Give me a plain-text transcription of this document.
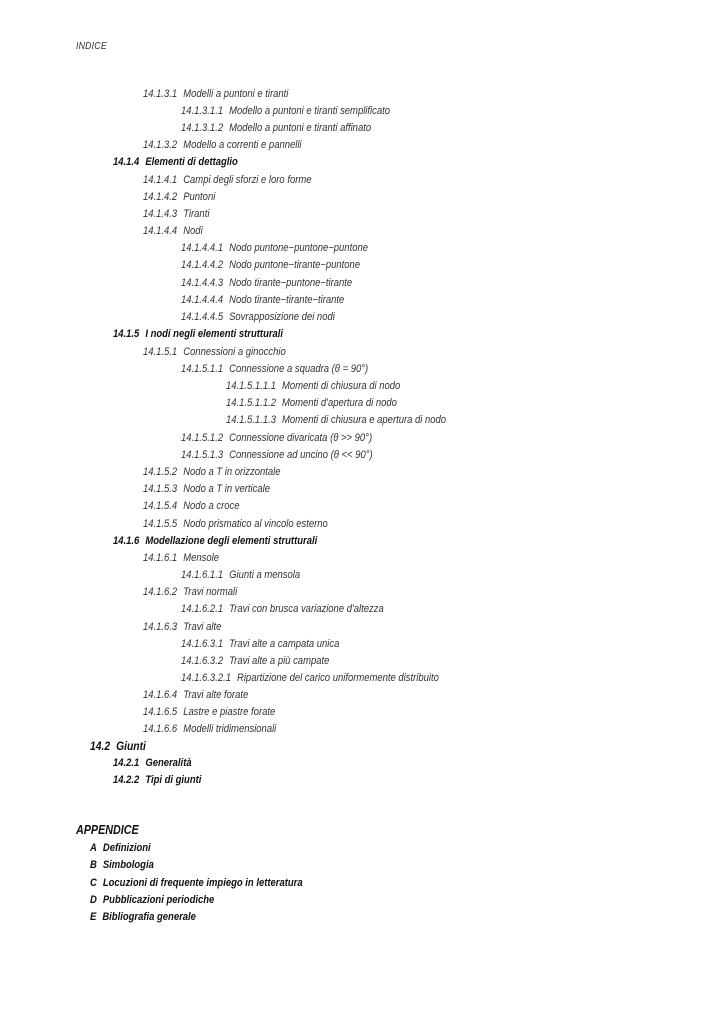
INDICE
14.1.3.1 Modelli a puntoni e tiranti
14.1.3.1.1 Modello a puntoni e tiranti semplificato
14.1.3.1.2 Modello a puntoni e tiranti affinato
14.1.3.2 Modello a correnti e pannelli
14.1.4 Elementi di dettaglio
14.1.4.1 Campi degli sforzi e loro forme
14.1.4.2 Puntoni
14.1.4.3 Tiranti
14.1.4.4 Nodi
14.1.4.4.1 Nodo puntone−puntone−puntone
14.1.4.4.2 Nodo puntone−tirante−puntone
14.1.4.4.3 Nodo tirante−puntone−tirante
14.1.4.4.4 Nodo tirante−tirante−tirante
14.1.4.4.5 Sovrapposizione dei nodi
14.1.5 I nodi negli elementi strutturali
14.1.5.1 Connessioni a ginocchio
14.1.5.1.1 Connessione a squadra (θ = 90°)
14.1.5.1.1.1 Momenti di chiusura di nodo
14.1.5.1.1.2 Momenti d'apertura di nodo
14.1.5.1.1.3 Momenti di chiusura e apertura di nodo
14.1.5.1.2 Connessione divaricata (θ >> 90°)
14.1.5.1.3 Connessione ad uncino (θ << 90°)
14.1.5.2 Nodo a T in orizzontale
14.1.5.3 Nodo a T in verticale
14.1.5.4 Nodo a croce
14.1.5.5 Nodo prismatico al vincolo esterno
14.1.6 Modellazione degli elementi strutturali
14.1.6.1 Mensole
14.1.6.1.1 Giunti a mensola
14.1.6.2 Travi normali
14.1.6.2.1 Travi con brusca variazione d'altezza
14.1.6.3 Travi alte
14.1.6.3.1 Travi alte a campata unica
14.1.6.3.2 Travi alte a più campate
14.1.6.3.2.1 Ripartizione del carico uniformemente distribuito
14.1.6.4 Travi alte forate
14.1.6.5 Lastre e piastre forate
14.1.6.6 Modelli tridimensionali
14.2 Giunti
14.2.1 Generalità
14.2.2 Tipi di giunti
APPENDICE
A Definizioni
B Simbologia
C Locuzioni di frequente impiego in letteratura
D Pubblicazioni periodiche
E Bibliografia generale
